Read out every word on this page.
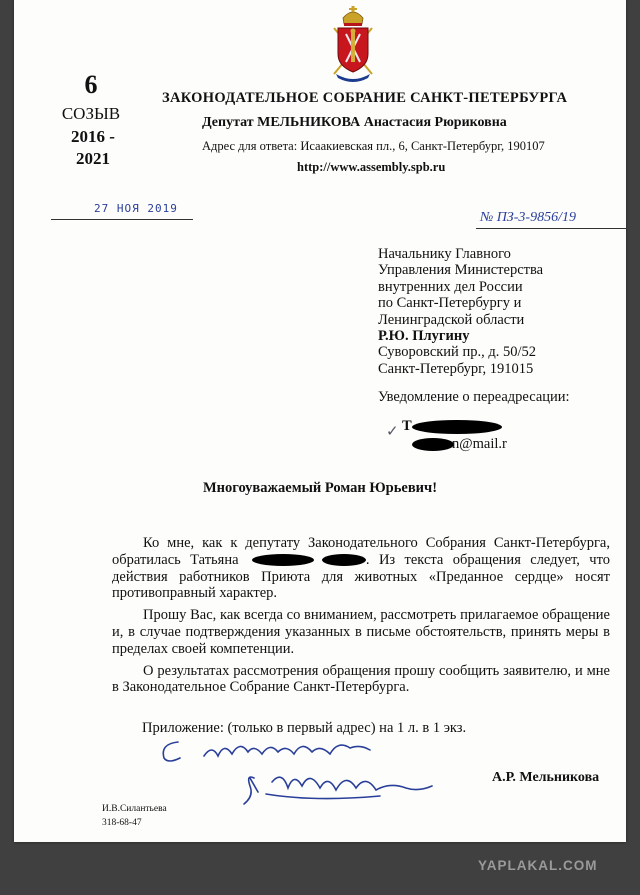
6
СОЗЫВ
2016 -
2021
ЗАКОНОДАТЕЛЬНОЕ СОБРАНИЕ САНКТ-ПЕТЕРБУРГА
Депутат МЕЛЬНИКОВА Анастасия Рюриковна
Адрес для ответа: Исаакиевская пл., 6, Санкт-Петербург, 190107
http://www.assembly.spb.ru
27 НОЯ 2019
№ ПЗ-3-9856/19
Начальнику Главного
Управления Министерства
внутренних дел России
по Санкт-Петербургу и
Ленинградской области
Р.Ю. Плугину
Суворовский пр., д. 50/52
Санкт-Петербург, 191015
Уведомление о переадресации:
✓ Т
n@mail.r
Многоуважаемый Роман Юрьевич!

Ко мне, как к депутату Законодательного Собрания Санкт-Петербурга, обратилась Татьяна	. Из текста обращения следует, что действия работников Приюта для животных «Преданное сердце» носят противоправный характер.

Прошу Вас, как всегда со вниманием, рассмотреть прилагаемое обращение и, в случае подтверждения указанных в письме обстоятельств, принять меры в пределах своей компетенции.

О результатах рассмотрения обращения прошу сообщить заявителю, и мне в Законодательное Собрание Санкт-Петербурга.

Приложение: (только в первый адрес) на 1 л. в 1 экз.
А.Р. Мельникова
И.В.Силантьева
318-68-47
YAPLAKAL.COM
